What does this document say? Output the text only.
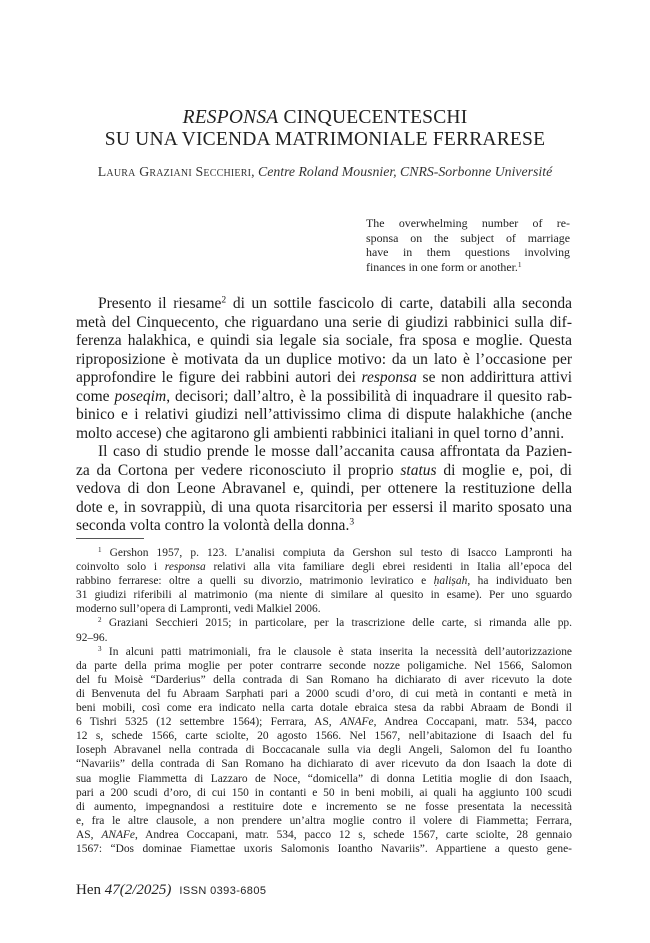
RESPONSA CINQUECENTESCHI
SU UNA VICENDA MATRIMONIALE FERRARESE
Laura Graziani Secchieri, Centre Roland Mousnier, CNRS-Sorbonne Université
The overwhelming number of re-
sponsa on the subject of marriage
have in them questions involving
finances in one form or another.$^1$
Presento il riesame$^2$ di un sottile fascicolo di carte, databili alla seconda
metà del Cinquecento, che riguardano una serie di giudizi rabbinici sulla dif-
ferenza halakhica, e quindi sia legale sia sociale, fra sposa e moglie. Questa
riproposizione è motivata da un duplice motivo: da un lato è l’occasione per
approfondire le figure dei rabbini autori dei responsa se non addirittura attivi
come poseqim, decisori; dall’altro, è la possibilità di inquadrare il quesito rab-
binico e i relativi giudizi nell’attivissimo clima di dispute halakhiche (anche
molto accese) che agitarono gli ambienti rabbinici italiani in quel torno d’anni.
Il caso di studio prende le mosse dall’accanita causa affrontata da Pazien-
za da Cortona per vedere riconosciuto il proprio status di moglie e, poi, di
vedova di don Leone Abravanel e, quindi, per ottenere la restituzione della
dote e, in sovrappiù, di una quota risarcitoria per essersi il marito sposato una
seconda volta contro la volontà della donna.$^3$
$^1$ Gershon 1957, p. 123. L’analisi compiuta da Gershon sul testo di Isacco Lampronti ha
coinvolto solo i responsa relativi alla vita familiare degli ebrei residenti in Italia all’epoca del
rabbino ferrarese: oltre a quelli su divorzio, matrimonio leviratico e ḥaliṣah, ha individuato ben
31 giudizi riferibili al matrimonio (ma niente di similare al quesito in esame). Per uno sguardo
moderno sull’opera di Lampronti, vedi Malkiel 2006.
$^2$ Graziani Secchieri 2015; in particolare, per la trascrizione delle carte, si rimanda alle pp.
92–96.
$^3$ In alcuni patti matrimoniali, fra le clausole è stata inserita la necessità dell’autorizzazione
da parte della prima moglie per poter contrarre seconde nozze poligamiche. Nel 1566, Salomon
del fu Moisè “Darderius” della contrada di San Romano ha dichiarato di aver ricevuto la dote
di Benvenuta del fu Abraam Sarphati pari a 2000 scudi d’oro, di cui metà in contanti e metà in
beni mobili, così come era indicato nella carta dotale ebraica stesa da rabbi Abraam de Bondi il
6 Tishri 5325 (12 settembre 1564); Ferrara, AS, ANAFe, Andrea Coccapani, matr. 534, pacco
12 s, schede 1566, carte sciolte, 20 agosto 1566. Nel 1567, nell’abitazione di Isaach del fu
Ioseph Abravanel nella contrada di Boccacanale sulla via degli Angeli, Salomon del fu Ioantho
“Navariis” della contrada di San Romano ha dichiarato di aver ricevuto da don Isaach la dote di
sua moglie Fiammetta di Lazzaro de Noce, “domicella” di donna Letitia moglie di don Isaach,
pari a 200 scudi d’oro, di cui 150 in contanti e 50 in beni mobili, ai quali ha aggiunto 100 scudi
di aumento, impegnandosi a restituire dote e incremento se ne fosse presentata la necessità
e, fra le altre clausole, a non prendere un’altra moglie contro il volere di Fiammetta; Ferrara,
AS, ANAFe, Andrea Coccapani, matr. 534, pacco 12 s, schede 1567, carte sciolte, 28 gennaio
1567: “Dos dominae Fiamettae uxoris Salomonis Ioantho Navariis”. Appartiene a questo gene-
Hen 47(2/2025) ISSN 0393-6805
